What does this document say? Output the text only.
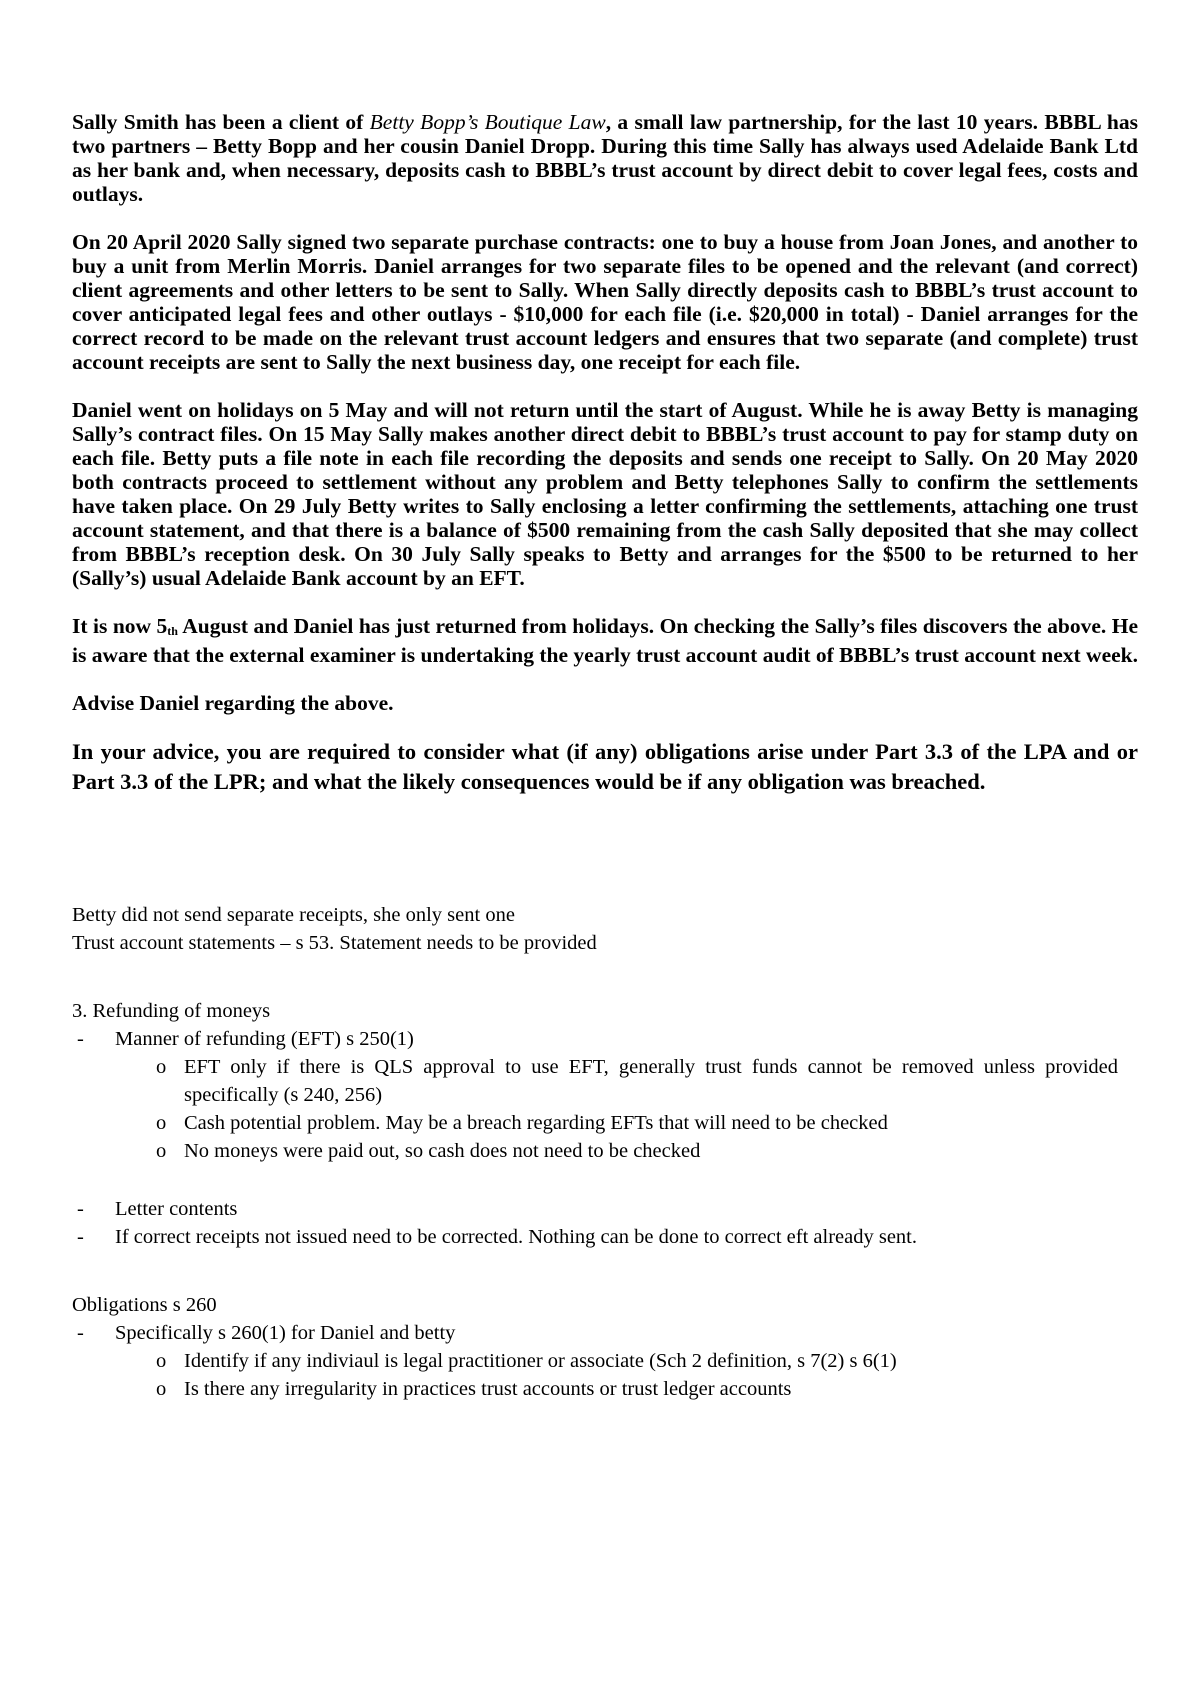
Sally Smith has been a client of Betty Bopp’s Boutique Law, a small law partnership, for the last 10 years. BBBL has two partners – Betty Bopp and her cousin Daniel Dropp. During this time Sally has always used Adelaide Bank Ltd as her bank and, when necessary, deposits cash to BBBL’s trust account by direct debit to cover legal fees, costs and outlays.

On 20 April 2020 Sally signed two separate purchase contracts: one to buy a house from Joan Jones, and another to buy a unit from Merlin Morris. Daniel arranges for two separate files to be opened and the relevant (and correct) client agreements and other letters to be sent to Sally. When Sally directly deposits cash to BBBL’s trust account to cover anticipated legal fees and other outlays - $10,000 for each file (i.e. $20,000 in total) - Daniel arranges for the correct record to be made on the relevant trust account ledgers and ensures that two separate (and complete) trust account receipts are sent to Sally the next business day, one receipt for each file.

Daniel went on holidays on 5 May and will not return until the start of August. While he is away Betty is managing Sally’s contract files. On 15 May Sally makes another direct debit to BBBL’s trust account to pay for stamp duty on each file. Betty puts a file note in each file recording the deposits and sends one receipt to Sally. On 20 May 2020 both contracts proceed to settlement without any problem and Betty telephones Sally to confirm the settlements have taken place. On 29 July Betty writes to Sally enclosing a letter confirming the settlements, attaching one trust account statement, and that there is a balance of $500 remaining from the cash Sally deposited that she may collect from BBBL’s reception desk. On 30 July Sally speaks to Betty and arranges for the $500 to be returned to her (Sally’s) usual Adelaide Bank account by an EFT.

It is now $5_{th}$ August and Daniel has just returned from holidays. On checking the Sally’s files discovers the above. He is aware that the external examiner is undertaking the yearly trust account audit of BBBL’s trust account next week.

Advise Daniel regarding the above.

In your advice, you are required to consider what (if any) obligations arise under Part 3.3 of the LPA and or Part 3.3 of the LPR; and what the likely consequences would be if any obligation was breached.

Betty did not send separate receipts, she only sent one

Trust account statements – s 53. Statement needs to be provided

3. Refunding of moneys

- Manner of refunding (EFT) s 250(1)
o EFT only if there is QLS approval to use EFT, generally trust funds cannot be removed unless provided specifically (s 240, 256)
o Cash potential problem. May be a breach regarding EFTs that will need to be checked
o No moneys were paid out, so cash does not need to be checked
- Letter contents
- If correct receipts not issued need to be corrected. Nothing can be done to correct eft already sent.

Obligations s 260

- Specifically s 260(1) for Daniel and betty
o Identify if any indiviaul is legal practitioner or associate (Sch 2 definition, s 7(2) s 6(1)
o Is there any irregularity in practices trust accounts or trust ledger accounts
